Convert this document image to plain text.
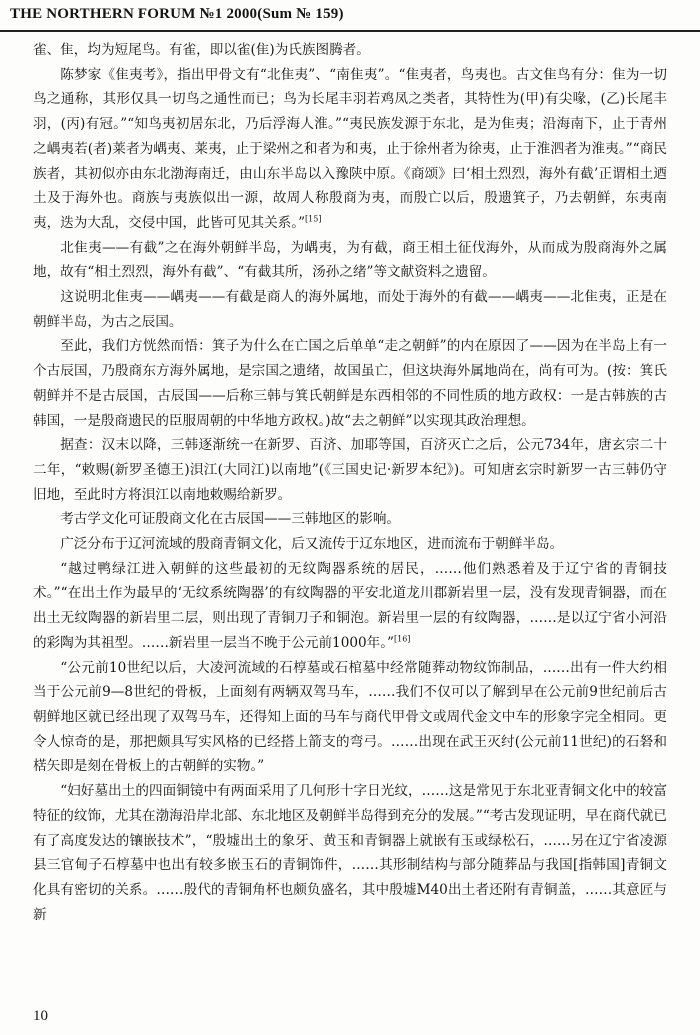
THE NORTHERN FORUM №1 2000(Sum № 159)

雀、隹，均为短尾鸟。有雀，即以雀(隹)为氏族图腾者。

陈梦家《隹夷考》，指出甲骨文有“北隹夷”、“南隹夷”。“隹夷者，鸟夷也。古文隹鸟有分：隹为一切鸟之通称，其形仅具一切鸟之通性而已；鸟为长尾丰羽若鸡凤之类者，其特性为(甲)有尖喙，(乙)长尾丰羽，(丙)有冠。”“知鸟夷初居东北，乃后浮海人淮。”“夷民族发源于东北，是为隹夷；沿海南下，止于青州之嵎夷若(者)莱者为嵎夷、莱夷，止于梁州之和者为和夷，止于徐州者为徐夷，止于淮泗者为淮夷。”“商民族者，其初似亦由东北渤海南迁，由山东半岛以入豫陕中原。《商颂》曰‘相土烈烈，海外有截’正谓相土迺土及于海外也。商族与夷族似出一源，故周人称殷商为夷，而殷亡以后，殷遗箕子，乃去朝鲜，东夷南夷，迭为大乱，交侵中国，此皆可见其关系。”[15]

北隹夷——有截”之在海外朝鲜半岛，为嵎夷，为有截，商王相土征伐海外，从而成为殷商海外之属地，故有“相土烈烈，海外有截”、“有截其所，汤孙之绪”等文献资料之遗留。

这说明北隹夷——嵎夷——有截是商人的海外属地，而处于海外的有截——嵎夷——北隹夷，正是在朝鲜半岛，为古之辰国。

至此，我们方恍然而悟：箕子为什么在亡国之后单单“走之朝鲜”的内在原因了——因为在半岛上有一个古辰国，乃殷商东方海外属地，是宗国之遗绪，故国虽亡，但这块海外属地尚在，尚有可为。(按：箕氏朝鲜并不是古辰国，古辰国——后称三韩与箕氏朝鲜是东西相邻的不同性质的地方政权：一是古韩族的古韩国，一是殷商遗民的臣服周朝的中华地方政权。)故“去之朝鲜”以实现其政治理想。

据查：汉末以降，三韩逐渐统一在新罗、百济、加耶等国，百济灭亡之后，公元734年，唐玄宗二十二年，“敕赐(新罗圣德王)浿江(大同江)以南地”(《三国史记·新罗本纪》)。可知唐玄宗时新罗一古三韩仍守旧地，至此时方将浿江以南地敕赐给新罗。

考古学文化可证殷商文化在古辰国——三韩地区的影响。

广泛分布于辽河流域的殷商青铜文化，后又流传于辽东地区，进而流布于朝鲜半岛。

“越过鸭绿江进入朝鲜的这些最初的无纹陶器系统的居民，……他们熟悉着及于辽宁省的青铜技术。”“在出土作为最早的‘无纹系统陶器’的有纹陶器的平安北道龙川郡新岩里一层，没有发现青铜器，而在出土无纹陶器的新岩里二层，则出现了青铜刀子和铜泡。新岩里一层的有纹陶器，……是以辽宁省小河沿的彩陶为其祖型。……新岩里一层当不晚于公元前1000年。”[16]

“公元前10世纪以后，大凌河流域的石椁墓或石棺墓中经常随葬动物纹饰制品，……出有一件大约相当于公元前9—8世纪的骨板，上面刻有两辆双驾马车，……我们不仅可以了解到早在公元前9世纪前后古朝鲜地区就已经出现了双驾马车，还得知上面的马车与商代甲骨文或周代金文中车的形象字完全相同。更令人惊奇的是，那把颇具写实风格的已经搭上箭支的弯弓。……出现在武王灭纣(公元前11世纪)的石砮和楛矢即是刻在骨板上的古朝鲜的实物。”

“妇好墓出土的四面铜镜中有两面采用了几何形十字日光纹，……这是常见于东北亚青铜文化中的较富特征的纹饰，尤其在渤海沿岸北部、东北地区及朝鲜半岛得到充分的发展。”“考古发现证明，早在商代就已有了高度发达的镶嵌技术”，“殷墟出土的象牙、黄玉和青铜器上就嵌有玉或绿松石，……另在辽宁省凌源县三官甸子石椁墓中也出有较多嵌玉石的青铜饰件，……其形制结构与部分随葬品与我国[指韩国]青铜文化具有密切的关系。……殷代的青铜角杯也颇负盛名，其中殷墟M40出土者还附有青铜盖，……其意匠与新

10
